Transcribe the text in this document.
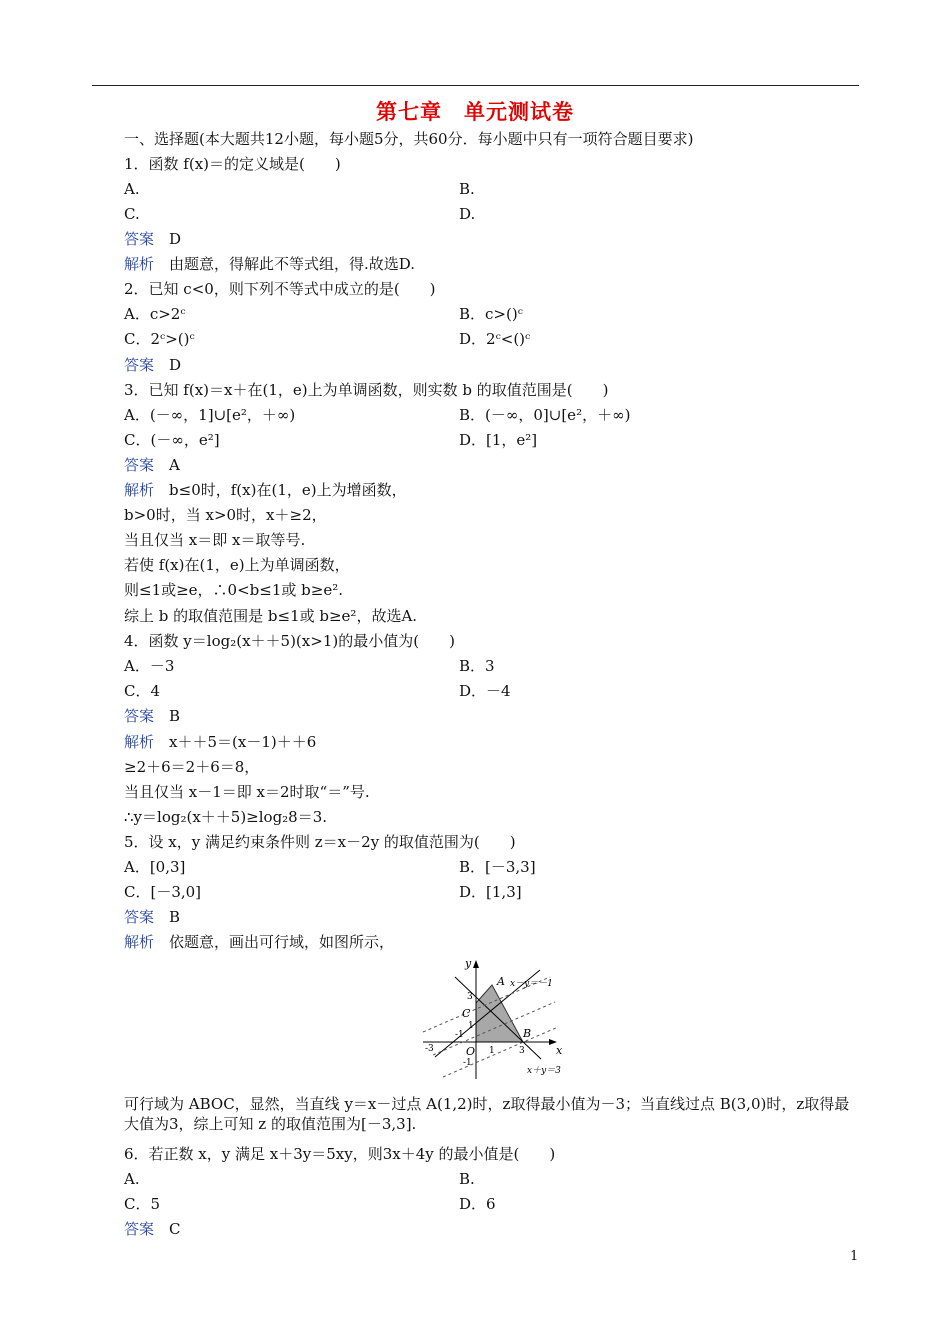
第七章　单元测试卷
一、选择题(本大题共12小题，每小题5分，共60分．每小题中只有一项符合题目要求)
1．函数 f(x)＝的定义域是(　　)
A.	B.
C.	D.
答案　 D
解析　 由题意，得解此不等式组，得.故选D.
2．已知 c<0，则下列不等式中成立的是(　　)
A．c>2ᶜ	B．c>()ᶜ
C．2ᶜ>()ᶜ	D．2ᶜ<()ᶜ
答案　 D
3．已知 f(x)＝x＋在(1，e)上为单调函数，则实数 b 的取值范围是(　　)
A．(－∞，1]∪[e²，＋∞)	B．(－∞，0]∪[e²，＋∞)
C．(－∞，e²]	D．[1，e²]
答案　 A
解析　 b≤0时，f(x)在(1，e)上为增函数，
b>0时，当 x>0时，x＋≥2，
当且仅当 x＝即 x＝取等号.
若使 f(x)在(1，e)上为单调函数，
则≤1或≥e，∴0<b≤1或 b≥e².
综上 b 的取值范围是 b≤1或 b≥e²，故选A.
4．函数 y＝log₂(x＋＋5)(x>1)的最小值为(　　)
A．－3	B．3
C．4	D．－4
答案　 B
解析　 x＋＋5＝(x－1)＋＋6
≥2＋6＝2＋6＝8，
当且仅当 x－1＝即 x＝2时取“＝”号.
∴y＝log₂(x＋＋5)≥log₂8＝3.
5．设 x，y 满足约束条件则 z＝x－2y 的取值范围为(　　)
A．[0,3]	B．[－3,3]
C．[－3,0]	D．[1,3]
答案　 B
解析　 依题意，画出可行域，如图所示，
y
x
O
x－y＝－1
x＋y＝3
A
B
C
3
1
3
-1
1
-3
-1
可行域为 ABOC，显然，当直线 y＝x－过点 A(1,2)时，z取得最小值为－3；当直线过点 B(3,0)时，z取得最大值为3，综上可知 z 的取值范围为[－3,3].
6．若正数 x，y 满足 x＋3y＝5xy，则3x＋4y 的最小值是(　　)
A.	B.
C．5	D．6
答案　 C
1
